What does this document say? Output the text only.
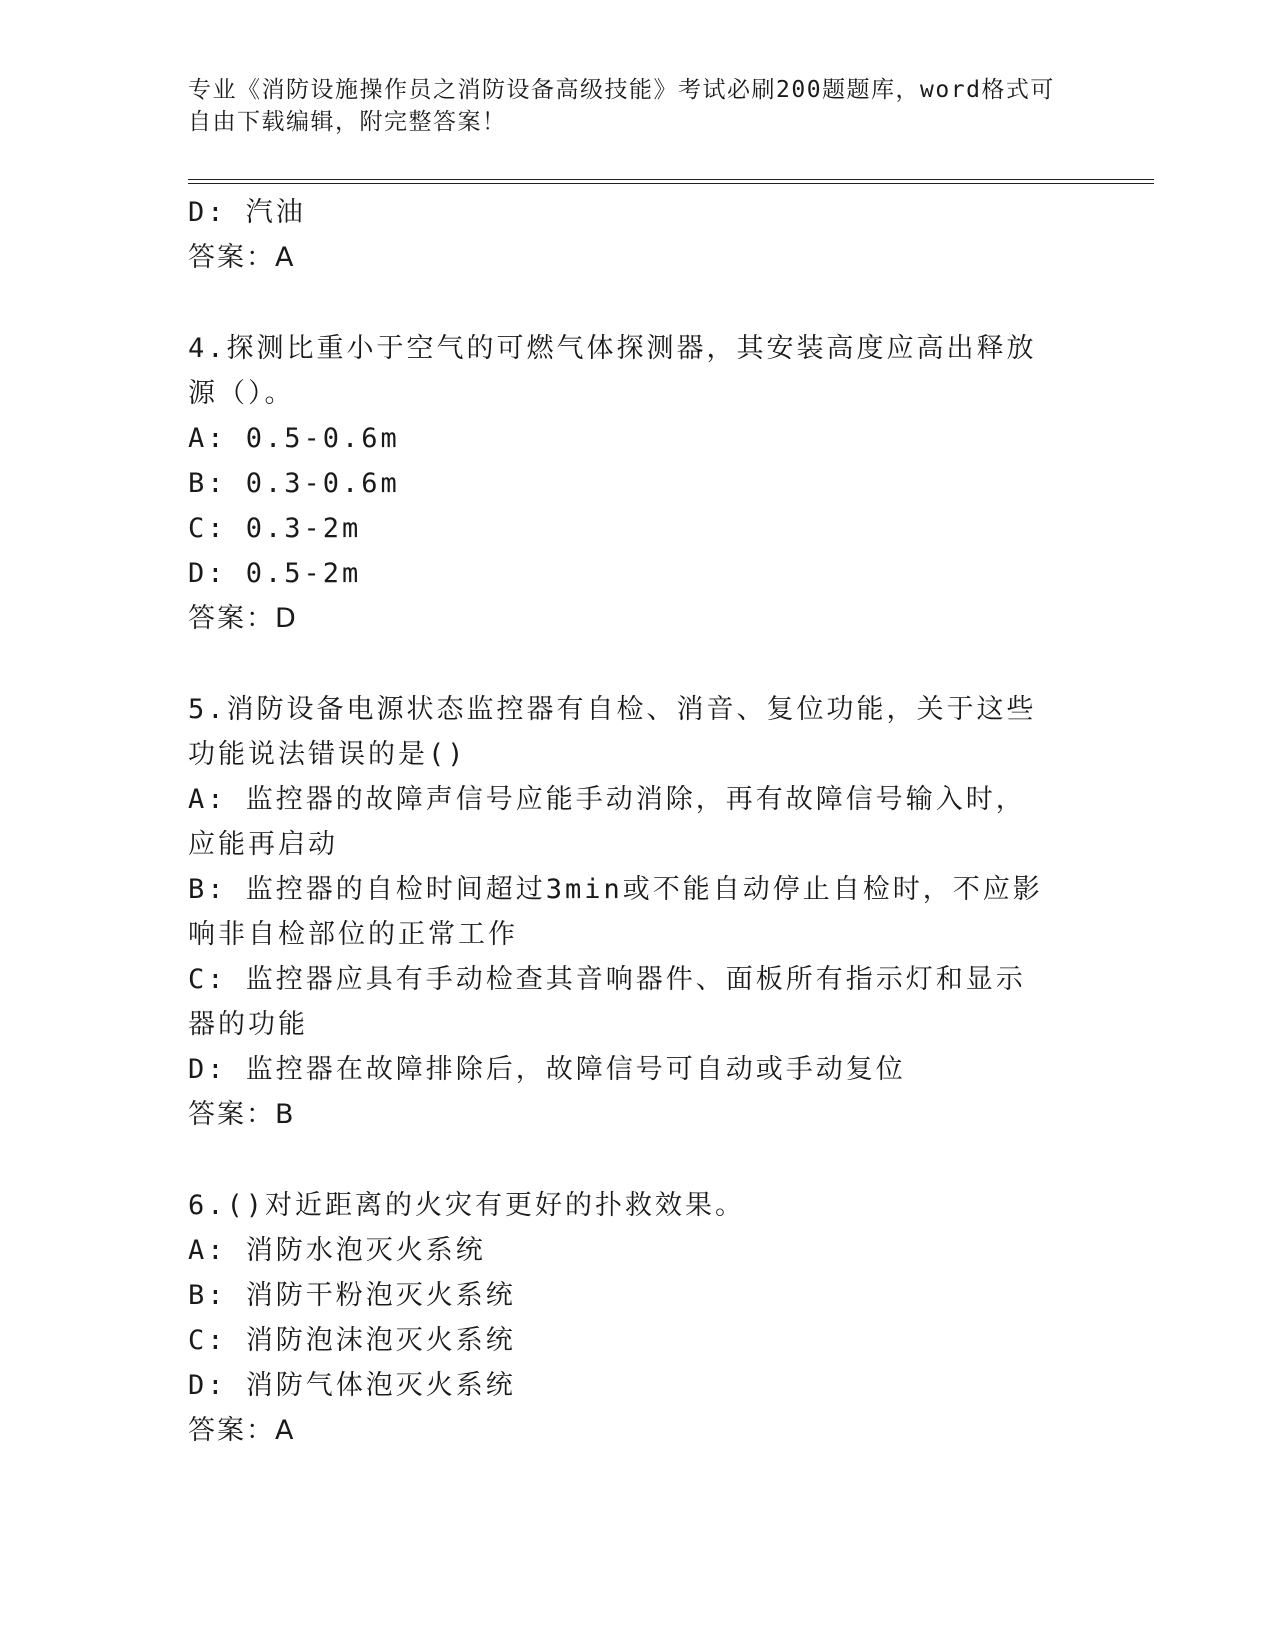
专业《消防设施操作员之消防设备高级技能》考试必刷200题题库，word格式可自由下载编辑，附完整答案！
D: 汽油
答案：A
4.探测比重小于空气的可燃气体探测器，其安装高度应高出释放源（）。
A: 0.5-0.6m
B: 0.3-0.6m
C: 0.3-2m
D: 0.5-2m
答案：D
5.消防设备电源状态监控器有自检、消音、复位功能，关于这些功能说法错误的是()
A: 监控器的故障声信号应能手动消除，再有故障信号输入时，应能再启动
B: 监控器的自检时间超过3min或不能自动停止自检时，不应影响非自检部位的正常工作
C: 监控器应具有手动检查其音响器件、面板所有指示灯和显示器的功能
D: 监控器在故障排除后，故障信号可自动或手动复位
答案：B
6.()对近距离的火灾有更好的扑救效果。
A: 消防水泡灭火系统
B: 消防干粉泡灭火系统
C: 消防泡沫泡灭火系统
D: 消防气体泡灭火系统
答案：A
